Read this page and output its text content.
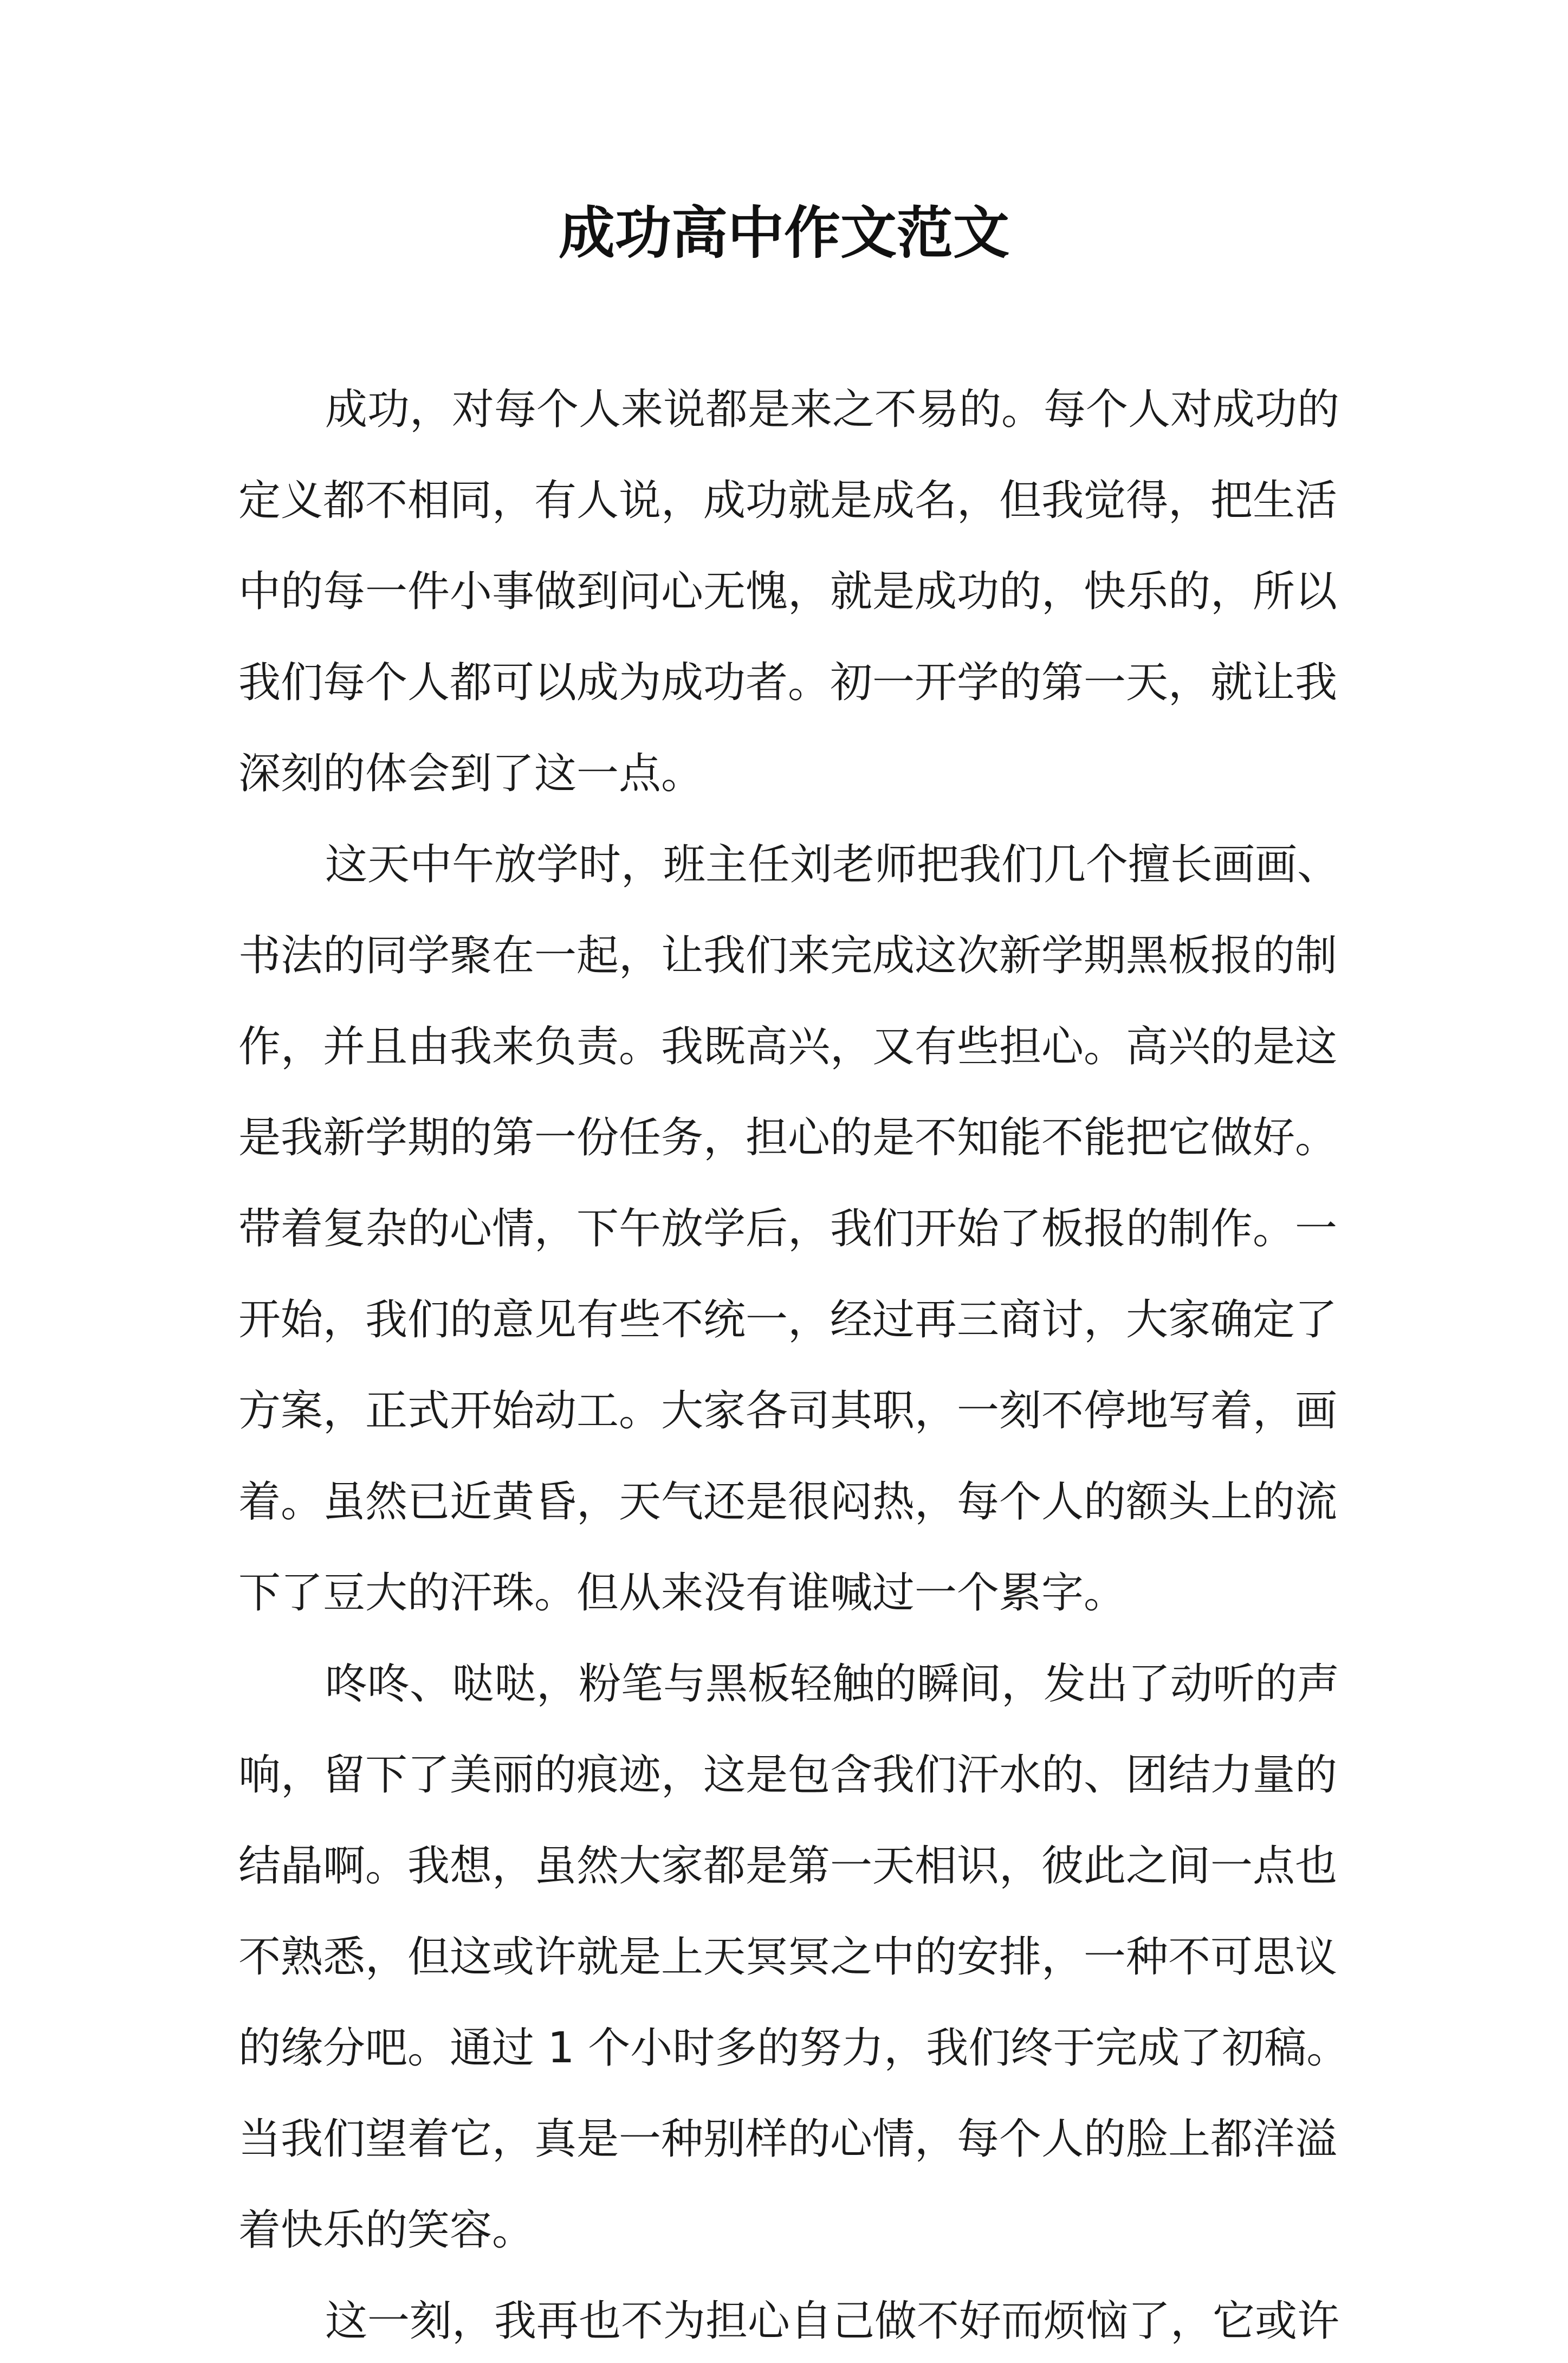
成功高中作文范文
成功，对每个人来说都是来之不易的。每个人对成功的
定义都不相同，有人说，成功就是成名，但我觉得，把生活
中的每一件小事做到问心无愧，就是成功的，快乐的，所以
我们每个人都可以成为成功者。初一开学的第一天，就让我
深刻的体会到了这一点。
这天中午放学时，班主任刘老师把我们几个擅长画画、
书法的同学聚在一起，让我们来完成这次新学期黑板报的制
作，并且由我来负责。我既高兴，又有些担心。高兴的是这
是我新学期的第一份任务，担心的是不知能不能把它做好。
带着复杂的心情，下午放学后，我们开始了板报的制作。一
开始，我们的意见有些不统一，经过再三商讨，大家确定了
方案，正式开始动工。大家各司其职，一刻不停地写着，画
着。虽然已近黄昏，天气还是很闷热，每个人的额头上的流
下了豆大的汗珠。但从来没有谁喊过一个累字。
咚咚、哒哒，粉笔与黑板轻触的瞬间，发出了动听的声
响，留下了美丽的痕迹，这是包含我们汗水的、团结力量的
结晶啊。我想，虽然大家都是第一天相识，彼此之间一点也
不熟悉，但这或许就是上天冥冥之中的安排，一种不可思议
的缘分吧。通过 1 个小时多的努力，我们终于完成了初稿。
当我们望着它，真是一种别样的心情，每个人的脸上都洋溢
着快乐的笑容。
这一刻，我再也不为担心自己做不好而烦恼了，它或许
